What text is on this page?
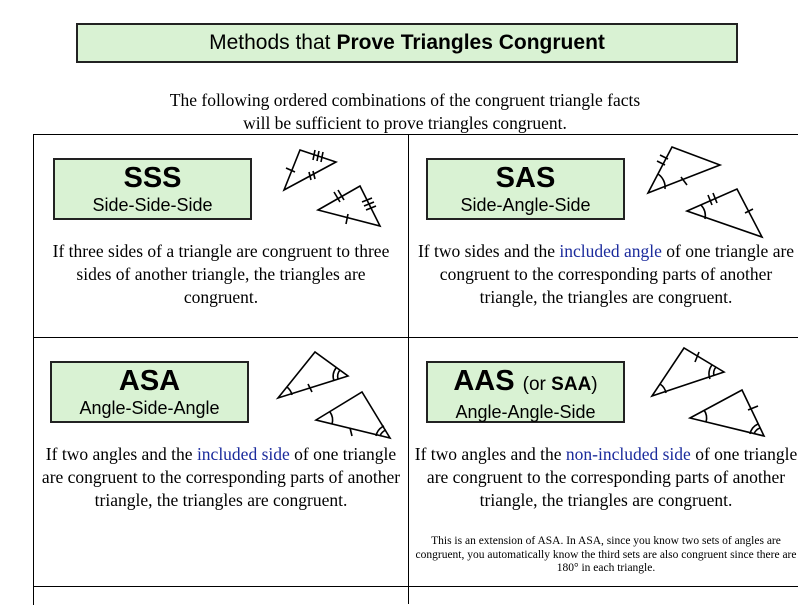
Methods that Prove Triangles Congruent
The following ordered combinations of the congruent triangle facts
will be sufficient to prove triangles congruent.
SSS
Side-Side-Side
If three sides of a triangle are congruent to three sides of another triangle, the triangles are congruent.
SAS
Side-Angle-Side
If two sides and the included angle of one triangle are congruent to the corresponding parts of another triangle, the triangles are congruent.
ASA
Angle-Side-Angle
If two angles and the included side of one triangle are congruent to the corresponding parts of another triangle, the triangles are congruent.
AAS (or SAA)
Angle-Angle-Side
If two angles and the non-included side of one triangle are congruent to the corresponding parts of another triangle, the triangles are congruent.
This is an extension of ASA. In ASA, since you know two sets of angles are congruent, you automatically know the third sets are also congruent since there are 180° in each triangle.
